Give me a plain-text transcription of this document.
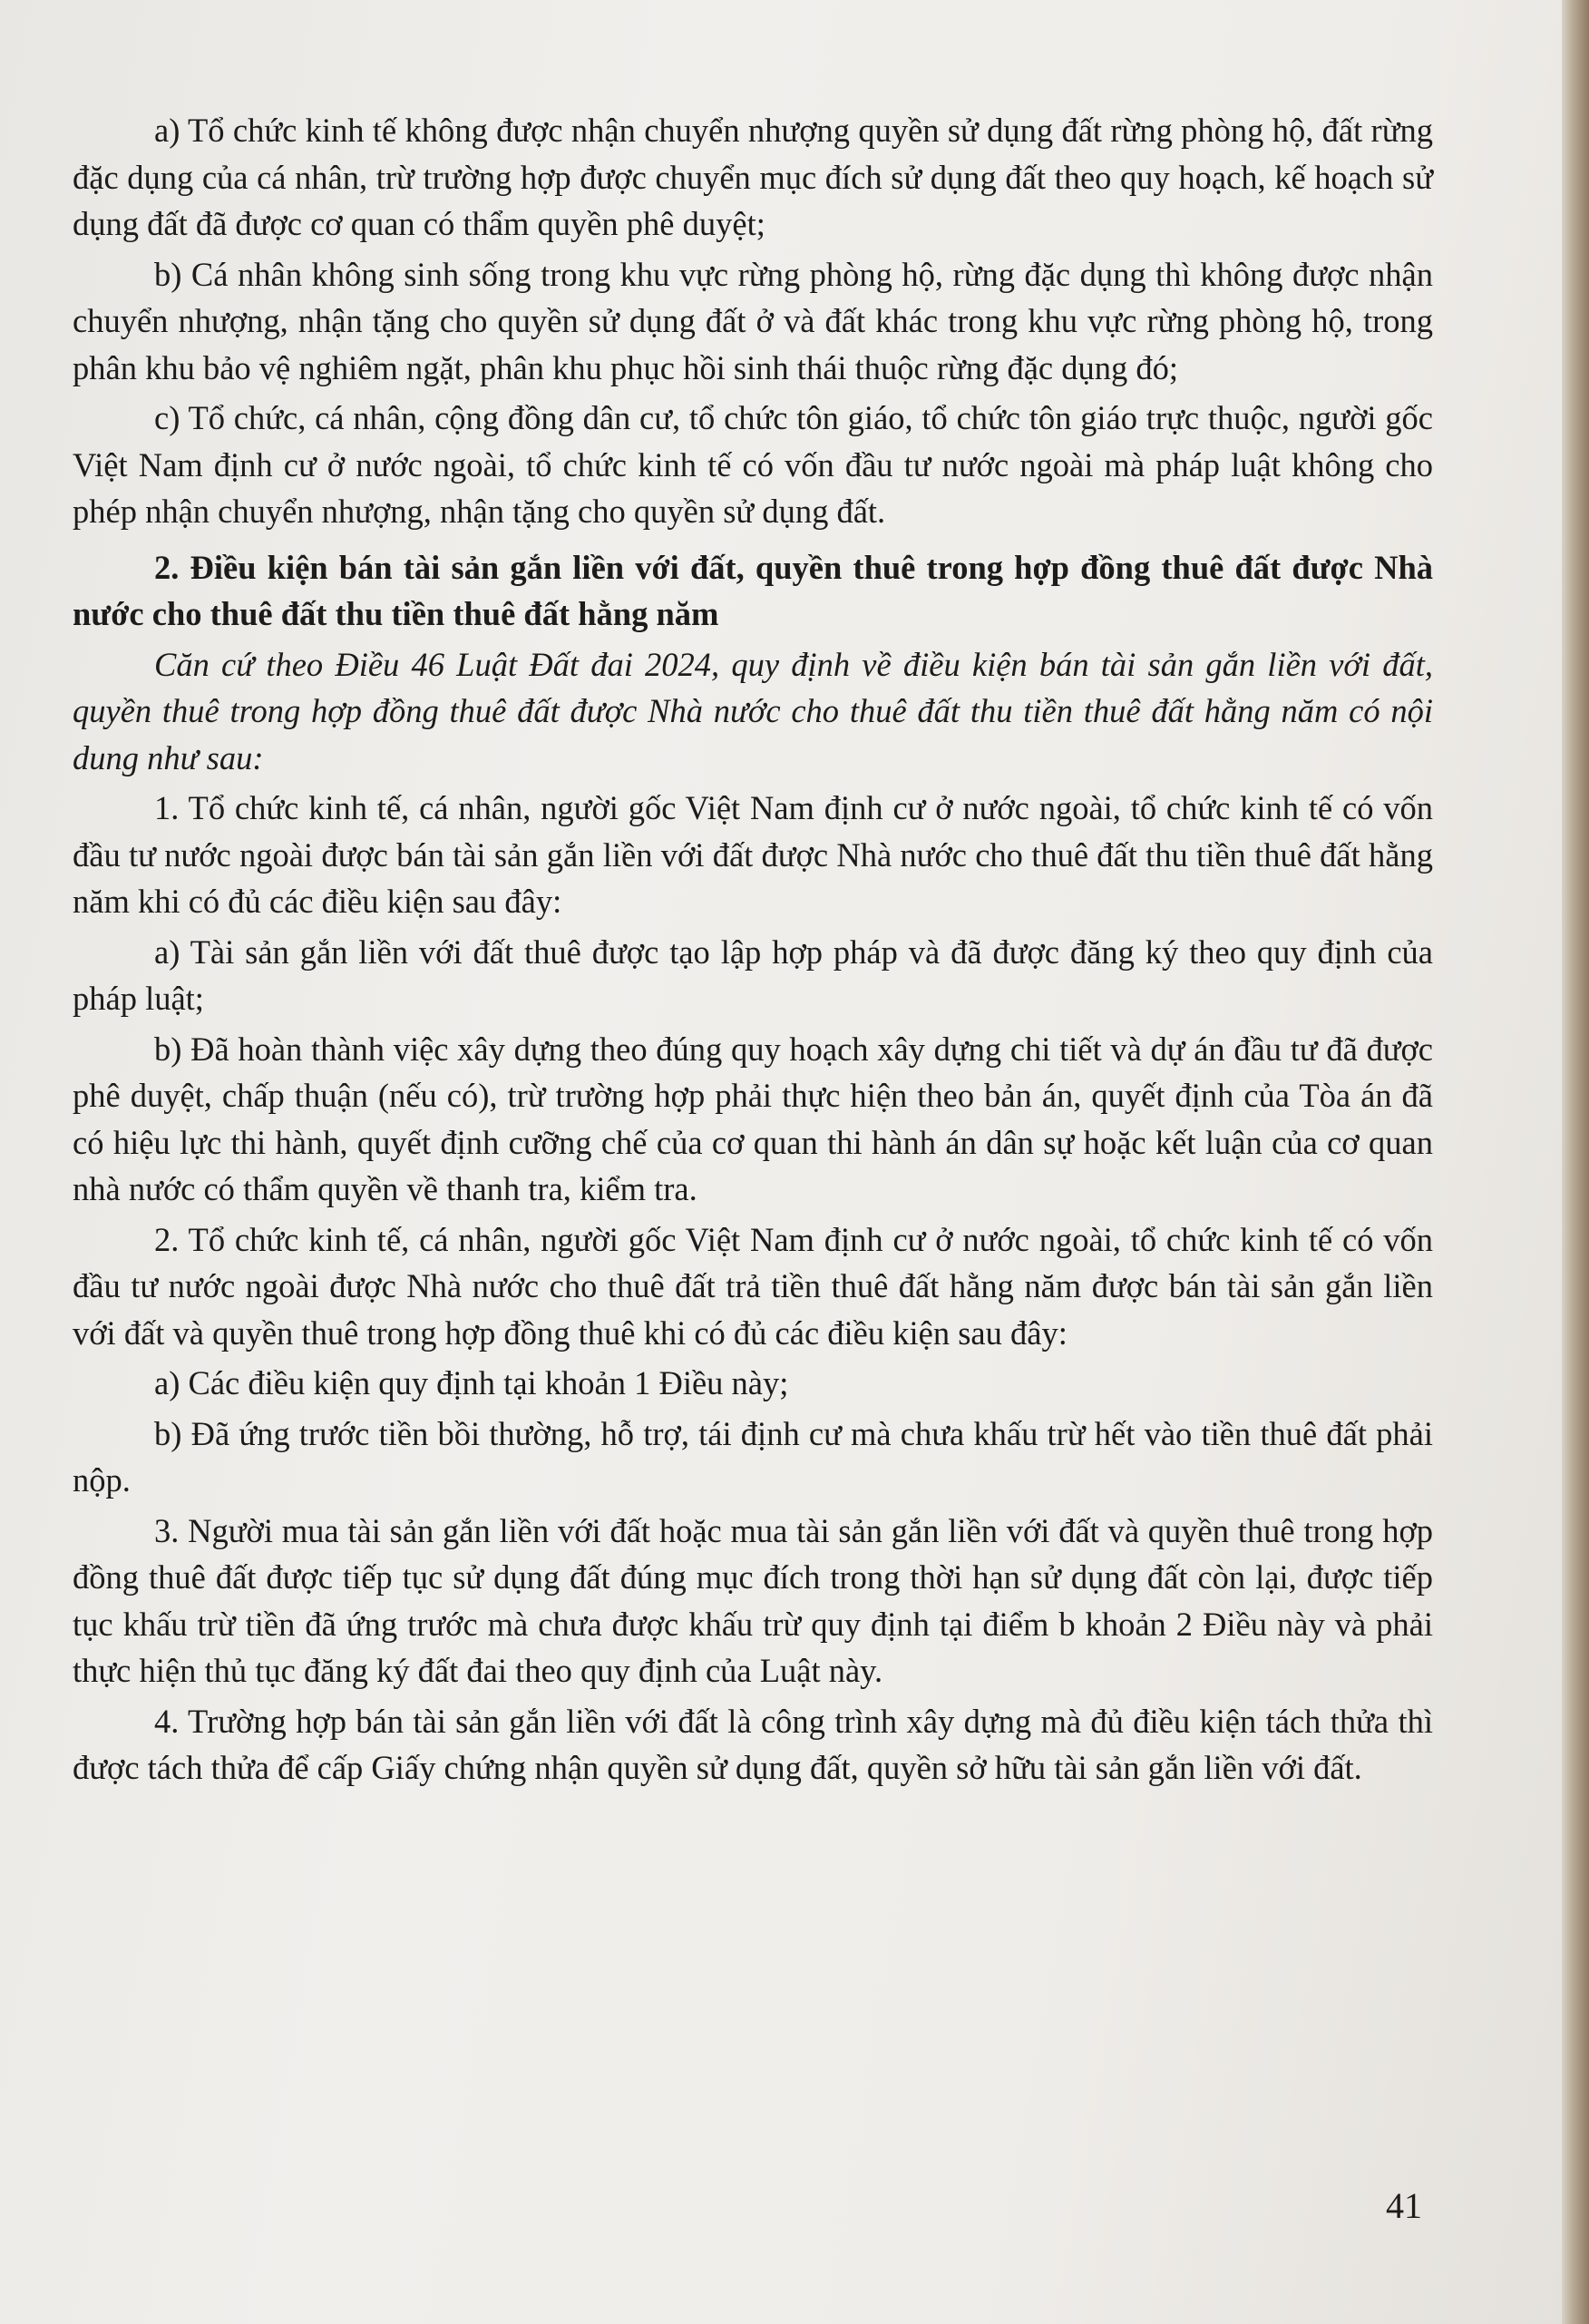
a) Tổ chức kinh tế không được nhận chuyển nhượng quyền sử dụng đất rừng phòng hộ, đất rừng đặc dụng của cá nhân, trừ trường hợp được chuyển mục đích sử dụng đất theo quy hoạch, kế hoạch sử dụng đất đã được cơ quan có thẩm quyền phê duyệt;

b) Cá nhân không sinh sống trong khu vực rừng phòng hộ, rừng đặc dụng thì không được nhận chuyển nhượng, nhận tặng cho quyền sử dụng đất ở và đất khác trong khu vực rừng phòng hộ, trong phân khu bảo vệ nghiêm ngặt, phân khu phục hồi sinh thái thuộc rừng đặc dụng đó;

c) Tổ chức, cá nhân, cộng đồng dân cư, tổ chức tôn giáo, tổ chức tôn giáo trực thuộc, người gốc Việt Nam định cư ở nước ngoài, tổ chức kinh tế có vốn đầu tư nước ngoài mà pháp luật không cho phép nhận chuyển nhượng, nhận tặng cho quyền sử dụng đất.

2. Điều kiện bán tài sản gắn liền với đất, quyền thuê trong hợp đồng thuê đất được Nhà nước cho thuê đất thu tiền thuê đất hằng năm

Căn cứ theo Điều 46 Luật Đất đai 2024, quy định về điều kiện bán tài sản gắn liền với đất, quyền thuê trong hợp đồng thuê đất được Nhà nước cho thuê đất thu tiền thuê đất hằng năm có nội dung như sau:

1. Tổ chức kinh tế, cá nhân, người gốc Việt Nam định cư ở nước ngoài, tổ chức kinh tế có vốn đầu tư nước ngoài được bán tài sản gắn liền với đất được Nhà nước cho thuê đất thu tiền thuê đất hằng năm khi có đủ các điều kiện sau đây:

a) Tài sản gắn liền với đất thuê được tạo lập hợp pháp và đã được đăng ký theo quy định của pháp luật;

b) Đã hoàn thành việc xây dựng theo đúng quy hoạch xây dựng chi tiết và dự án đầu tư đã được phê duyệt, chấp thuận (nếu có), trừ trường hợp phải thực hiện theo bản án, quyết định của Tòa án đã có hiệu lực thi hành, quyết định cưỡng chế của cơ quan thi hành án dân sự hoặc kết luận của cơ quan nhà nước có thẩm quyền về thanh tra, kiểm tra.

2. Tổ chức kinh tế, cá nhân, người gốc Việt Nam định cư ở nước ngoài, tổ chức kinh tế có vốn đầu tư nước ngoài được Nhà nước cho thuê đất trả tiền thuê đất hằng năm được bán tài sản gắn liền với đất và quyền thuê trong hợp đồng thuê khi có đủ các điều kiện sau đây:

a) Các điều kiện quy định tại khoản 1 Điều này;

b) Đã ứng trước tiền bồi thường, hỗ trợ, tái định cư mà chưa khấu trừ hết vào tiền thuê đất phải nộp.

3. Người mua tài sản gắn liền với đất hoặc mua tài sản gắn liền với đất và quyền thuê trong hợp đồng thuê đất được tiếp tục sử dụng đất đúng mục đích trong thời hạn sử dụng đất còn lại, được tiếp tục khấu trừ tiền đã ứng trước mà chưa được khấu trừ quy định tại điểm b khoản 2 Điều này và phải thực hiện thủ tục đăng ký đất đai theo quy định của Luật này.

4. Trường hợp bán tài sản gắn liền với đất là công trình xây dựng mà đủ điều kiện tách thửa thì được tách thửa để cấp Giấy chứng nhận quyền sử dụng đất, quyền sở hữu tài sản gắn liền với đất.

41
